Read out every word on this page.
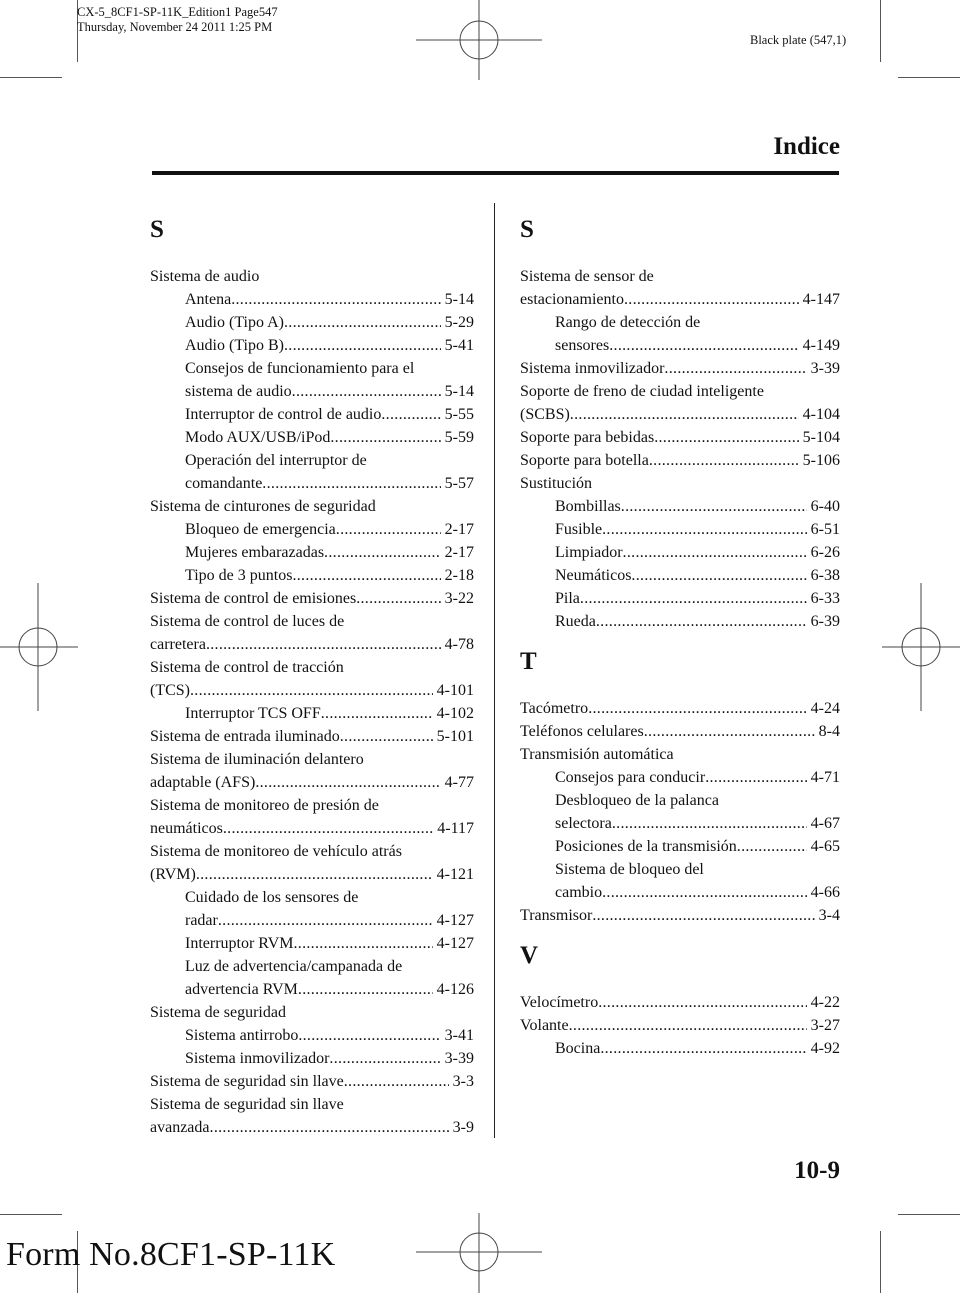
CX-5_8CF1-SP-11K_Edition1 Page547
Thursday, November 24 2011 1:25 PM
Black plate (547,1)
Indice
S
Sistema de audio
Antena .....	5-14
Audio (Tipo A) .....	5-29
Audio (Tipo B) .....	5-41
Consejos de funcionamiento para el
sistema de audio .....	5-14
Interruptor de control de audio .....	5-55
Modo AUX/USB/iPod .....	5-59
Operación del interruptor de
comandante .....	5-57
Sistema de cinturones de seguridad
Bloqueo de emergencia .....	2-17
Mujeres embarazadas .....	2-17
Tipo de 3 puntos .....	2-18
Sistema de control de emisiones .....	3-22
Sistema de control de luces de
carretera .....	4-78
Sistema de control de tracción
(TCS) .....	4-101
Interruptor TCS OFF .....	4-102
Sistema de entrada iluminado .....	5-101
Sistema de iluminación delantero
adaptable (AFS) .....	4-77
Sistema de monitoreo de presión de
neumáticos .....	4-117
Sistema de monitoreo de vehículo atrás
(RVM) .....	4-121
Cuidado de los sensores de
radar .....	4-127
Interruptor RVM .....	4-127
Luz de advertencia/campanada de
advertencia RVM .....	4-126
Sistema de seguridad
Sistema antirrobo .....	3-41
Sistema inmovilizador .....	3-39
Sistema de seguridad sin llave .....	3-3
Sistema de seguridad sin llave
avanzada .....	3-9
S
Sistema de sensor de
estacionamiento .....	4-147
Rango de detección de
sensores .....	4-149
Sistema inmovilizador .....	3-39
Soporte de freno de ciudad inteligente
(SCBS) .....	4-104
Soporte para bebidas .....	5-104
Soporte para botella .....	5-106
Sustitución
Bombillas .....	6-40
Fusible .....	6-51
Limpiador .....	6-26
Neumáticos .....	6-38
Pila .....	6-33
Rueda .....	6-39
T
Tacómetro .....	4-24
Teléfonos celulares .....	8-4
Transmisión automática
Consejos para conducir .....	4-71
Desbloqueo de la palanca
selectora .....	4-67
Posiciones de la transmisión .....	4-65
Sistema de bloqueo del
cambio .....	4-66
Transmisor .....	3-4
V
Velocímetro .....	4-22
Volante .....	3-27
Bocina .....	4-92
10-9
Form No.8CF1-SP-11K
